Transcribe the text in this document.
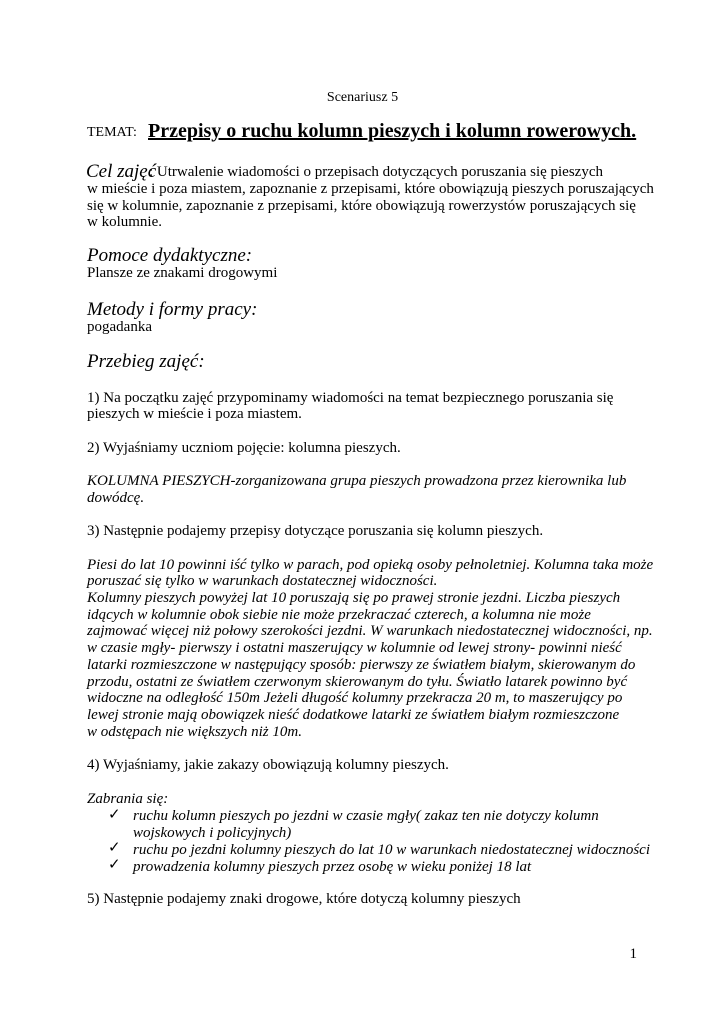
Scenariusz 5
TEMAT: Przepisy o ruchu kolumn pieszych i kolumn rowerowych.
Cel zajęć
: Utrwalenie wiadomości o przepisach dotyczących poruszania się pieszych
w mieście i poza miastem, zapoznanie z przepisami, które obowiązują pieszych poruszających
się w kolumnie, zapoznanie z przepisami, które obowiązują rowerzystów poruszających się
w kolumnie.
Pomoce dydaktyczne:
Plansze ze znakami drogowymi
Metody i formy pracy:
pogadanka
Przebieg zajęć:
1) Na początku zajęć przypominamy wiadomości na temat bezpiecznego poruszania się
pieszych w mieście i poza miastem.
2) Wyjaśniamy uczniom pojęcie: kolumna pieszych.
KOLUMNA PIESZYCH-zorganizowana grupa pieszych prowadzona przez kierownika lub
dowódcę.
3) Następnie podajemy przepisy dotyczące poruszania się kolumn pieszych.
Piesi do lat 10 powinni iść tylko w parach, pod opieką osoby pełnoletniej. Kolumna taka może
poruszać się tylko w warunkach dostatecznej widoczności.
Kolumny pieszych powyżej lat 10 poruszają się po prawej stronie jezdni. Liczba pieszych
idących w kolumnie obok siebie nie może przekraczać czterech, a kolumna nie może
zajmować więcej niż połowy szerokości jezdni. W warunkach niedostatecznej widoczności, np.
w czasie mgły- pierwszy i ostatni maszerujący w kolumnie od lewej strony- powinni nieść
latarki rozmieszczone w następujący sposób: pierwszy ze światłem białym, skierowanym do
przodu, ostatni ze światłem czerwonym skierowanym do tyłu. Światło latarek powinno być
widoczne na odległość 150m Jeżeli długość kolumny przekracza 20 m, to maszerujący po
lewej stronie mają obowiązek nieść dodatkowe latarki ze światłem białym rozmieszczone
w odstępach nie większych niż 10m.
4) Wyjaśniamy, jakie zakazy obowiązują kolumny pieszych.
Zabrania się:
✓ ruchu kolumn pieszych po jezdni w czasie mgły( zakaz ten nie dotyczy kolumn
wojskowych i policyjnych)
✓ ruchu po jezdni kolumny pieszych do lat 10 w warunkach niedostatecznej widoczności
✓ prowadzenia kolumny pieszych przez osobę w wieku poniżej 18 lat
5) Następnie podajemy znaki drogowe, które dotyczą kolumny pieszych
1
